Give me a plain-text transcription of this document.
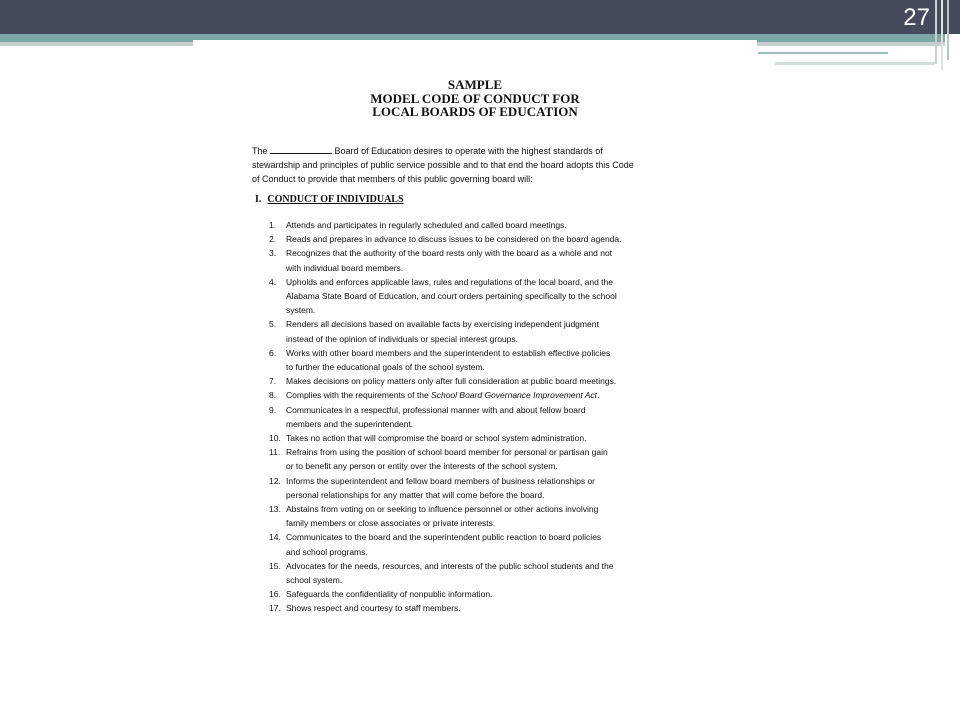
27
SAMPLE
MODEL CODE OF CONDUCT FOR
LOCAL BOARDS OF EDUCATION
The	Board of Education desires to operate with the highest standards of
stewardship and principles of public service possible and to that end the board adopts this Code
of Conduct to provide that members of this public governing board will:
I. CONDUCT OF INDIVIDUALS
1. Attends and participates in regularly scheduled and called board meetings.
2. Reads and prepares in advance to discuss issues to be considered on the board agenda.
3. Recognizes that the authority of the board rests only with the board as a whole and not
with individual board members.
4. Upholds and enforces applicable laws, rules and regulations of the local board, and the
Alabama State Board of Education, and court orders pertaining specifically to the school
system.
5. Renders all decisions based on available facts by exercising independent judgment
instead of the opinion of individuals or special interest groups.
6. Works with other board members and the superintendent to establish effective policies
to further the educational goals of the school system.
7. Makes decisions on policy matters only after full consideration at public board meetings.
8. Complies with the requirements of the School Board Governance Improvement Act.
9. Communicates in a respectful, professional manner with and about fellow board
members and the superintendent.
10. Takes no action that will compromise the board or school system administration.
11. Refrains from using the position of school board member for personal or partisan gain
or to benefit any person or entity over the interests of the school system.
12. Informs the superintendent and fellow board members of business relationships or
personal relationships for any matter that will come before the board.
13. Abstains from voting on or seeking to influence personnel or other actions involving
family members or close associates or private interests.
14. Communicates to the board and the superintendent public reaction to board policies
and school programs.
15. Advocates for the needs, resources, and interests of the public school students and the
school system.
16. Safeguards the confidentiality of nonpublic information.
17. Shows respect and courtesy to staff members.
